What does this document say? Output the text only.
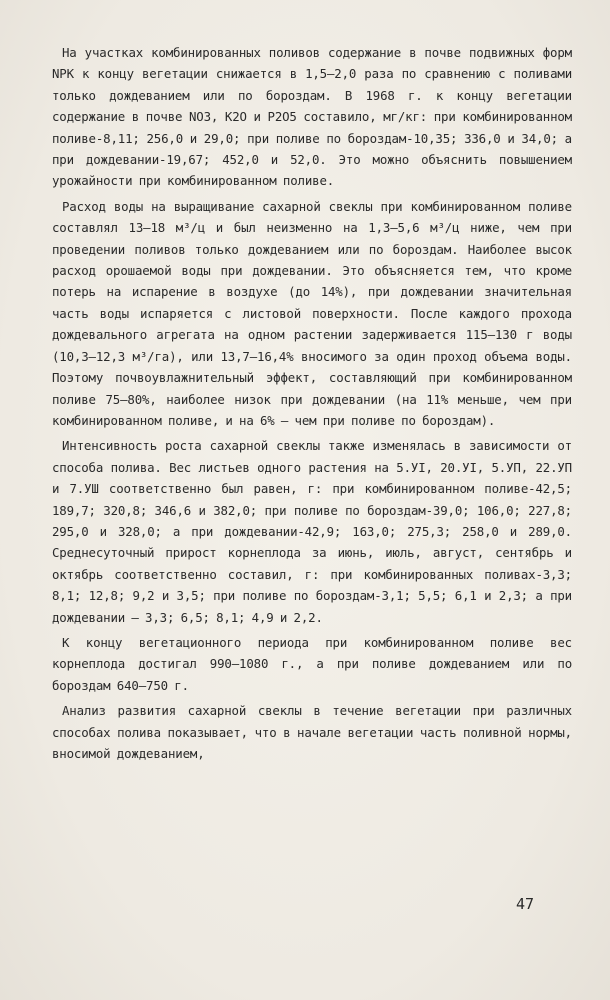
На участках комбинированных поливов содержание в почве подвижных форм NPK к концу вегетации снижается в 1,5–2,0 раза по сравнению с поливами только дождеванием или по бороздам. В 1968 г. к концу вегетации содержание в почве NO3, K2O и P2O5 составило, мг/кг: при комбинированном поливе-8,11; 256,0 и 29,0; при поливе по бороздам-10,35; 336,0 и 34,0; а при дождевании-19,67; 452,0 и 52,0. Это можно объяснить повышением урожайности при комбинированном поливе.

Расход воды на выращивание сахарной свеклы при комбинированном поливе составлял 13–18 м³/ц и был неизменно на 1,3–5,6 м³/ц ниже, чем при проведении поливов только дождеванием или по бороздам. Наиболее высок расход орошаемой воды при дождевании. Это объясняется тем, что кроме потерь на испарение в воздухе (до 14%), при дождевании значительная часть воды испаряется с листовой поверхности. После каждого прохода дождевального агрегата на одном растении задерживается 115–130 г воды (10,3–12,3 м³/га), или 13,7–16,4% вносимого за один проход объема воды. Поэтому почвоувлажнительный эффект, составляющий при комбинированном поливе 75–80%, наиболее низок при дождевании (на 11% меньше, чем при комбинированном поливе, и на 6% – чем при поливе по бороздам).

Интенсивность роста сахарной свеклы также изменялась в зависимости от способа полива. Вес листьев одного растения на 5.УI, 20.УI, 5.УП, 22.УП и 7.УШ соответственно был равен, г: при комбинированном поливе-42,5; 189,7; 320,8; 346,6 и 382,0; при поливе по бороздам-39,0; 106,0; 227,8; 295,0 и 328,0; а при дождевании-42,9; 163,0; 275,3; 258,0 и 289,0. Среднесуточный прирост корнеплода за июнь, июль, август, сентябрь и октябрь соответственно составил, г: при комбинированных поливах-3,3; 8,1; 12,8; 9,2 и 3,5; при поливе по бороздам-3,1; 5,5; 6,1 и 2,3; а при дождевании – 3,3; 6,5; 8,1; 4,9 и 2,2.

К концу вегетационного периода при комбинированном поливе вес корнеплода достигал 990–1080 г., а при поливе дождеванием или по бороздам 640–750 г.

Анализ развития сахарной свеклы в течение вегетации при различных способах полива показывает, что в начале вегетации часть поливной нормы, вносимой дождеванием,

47
